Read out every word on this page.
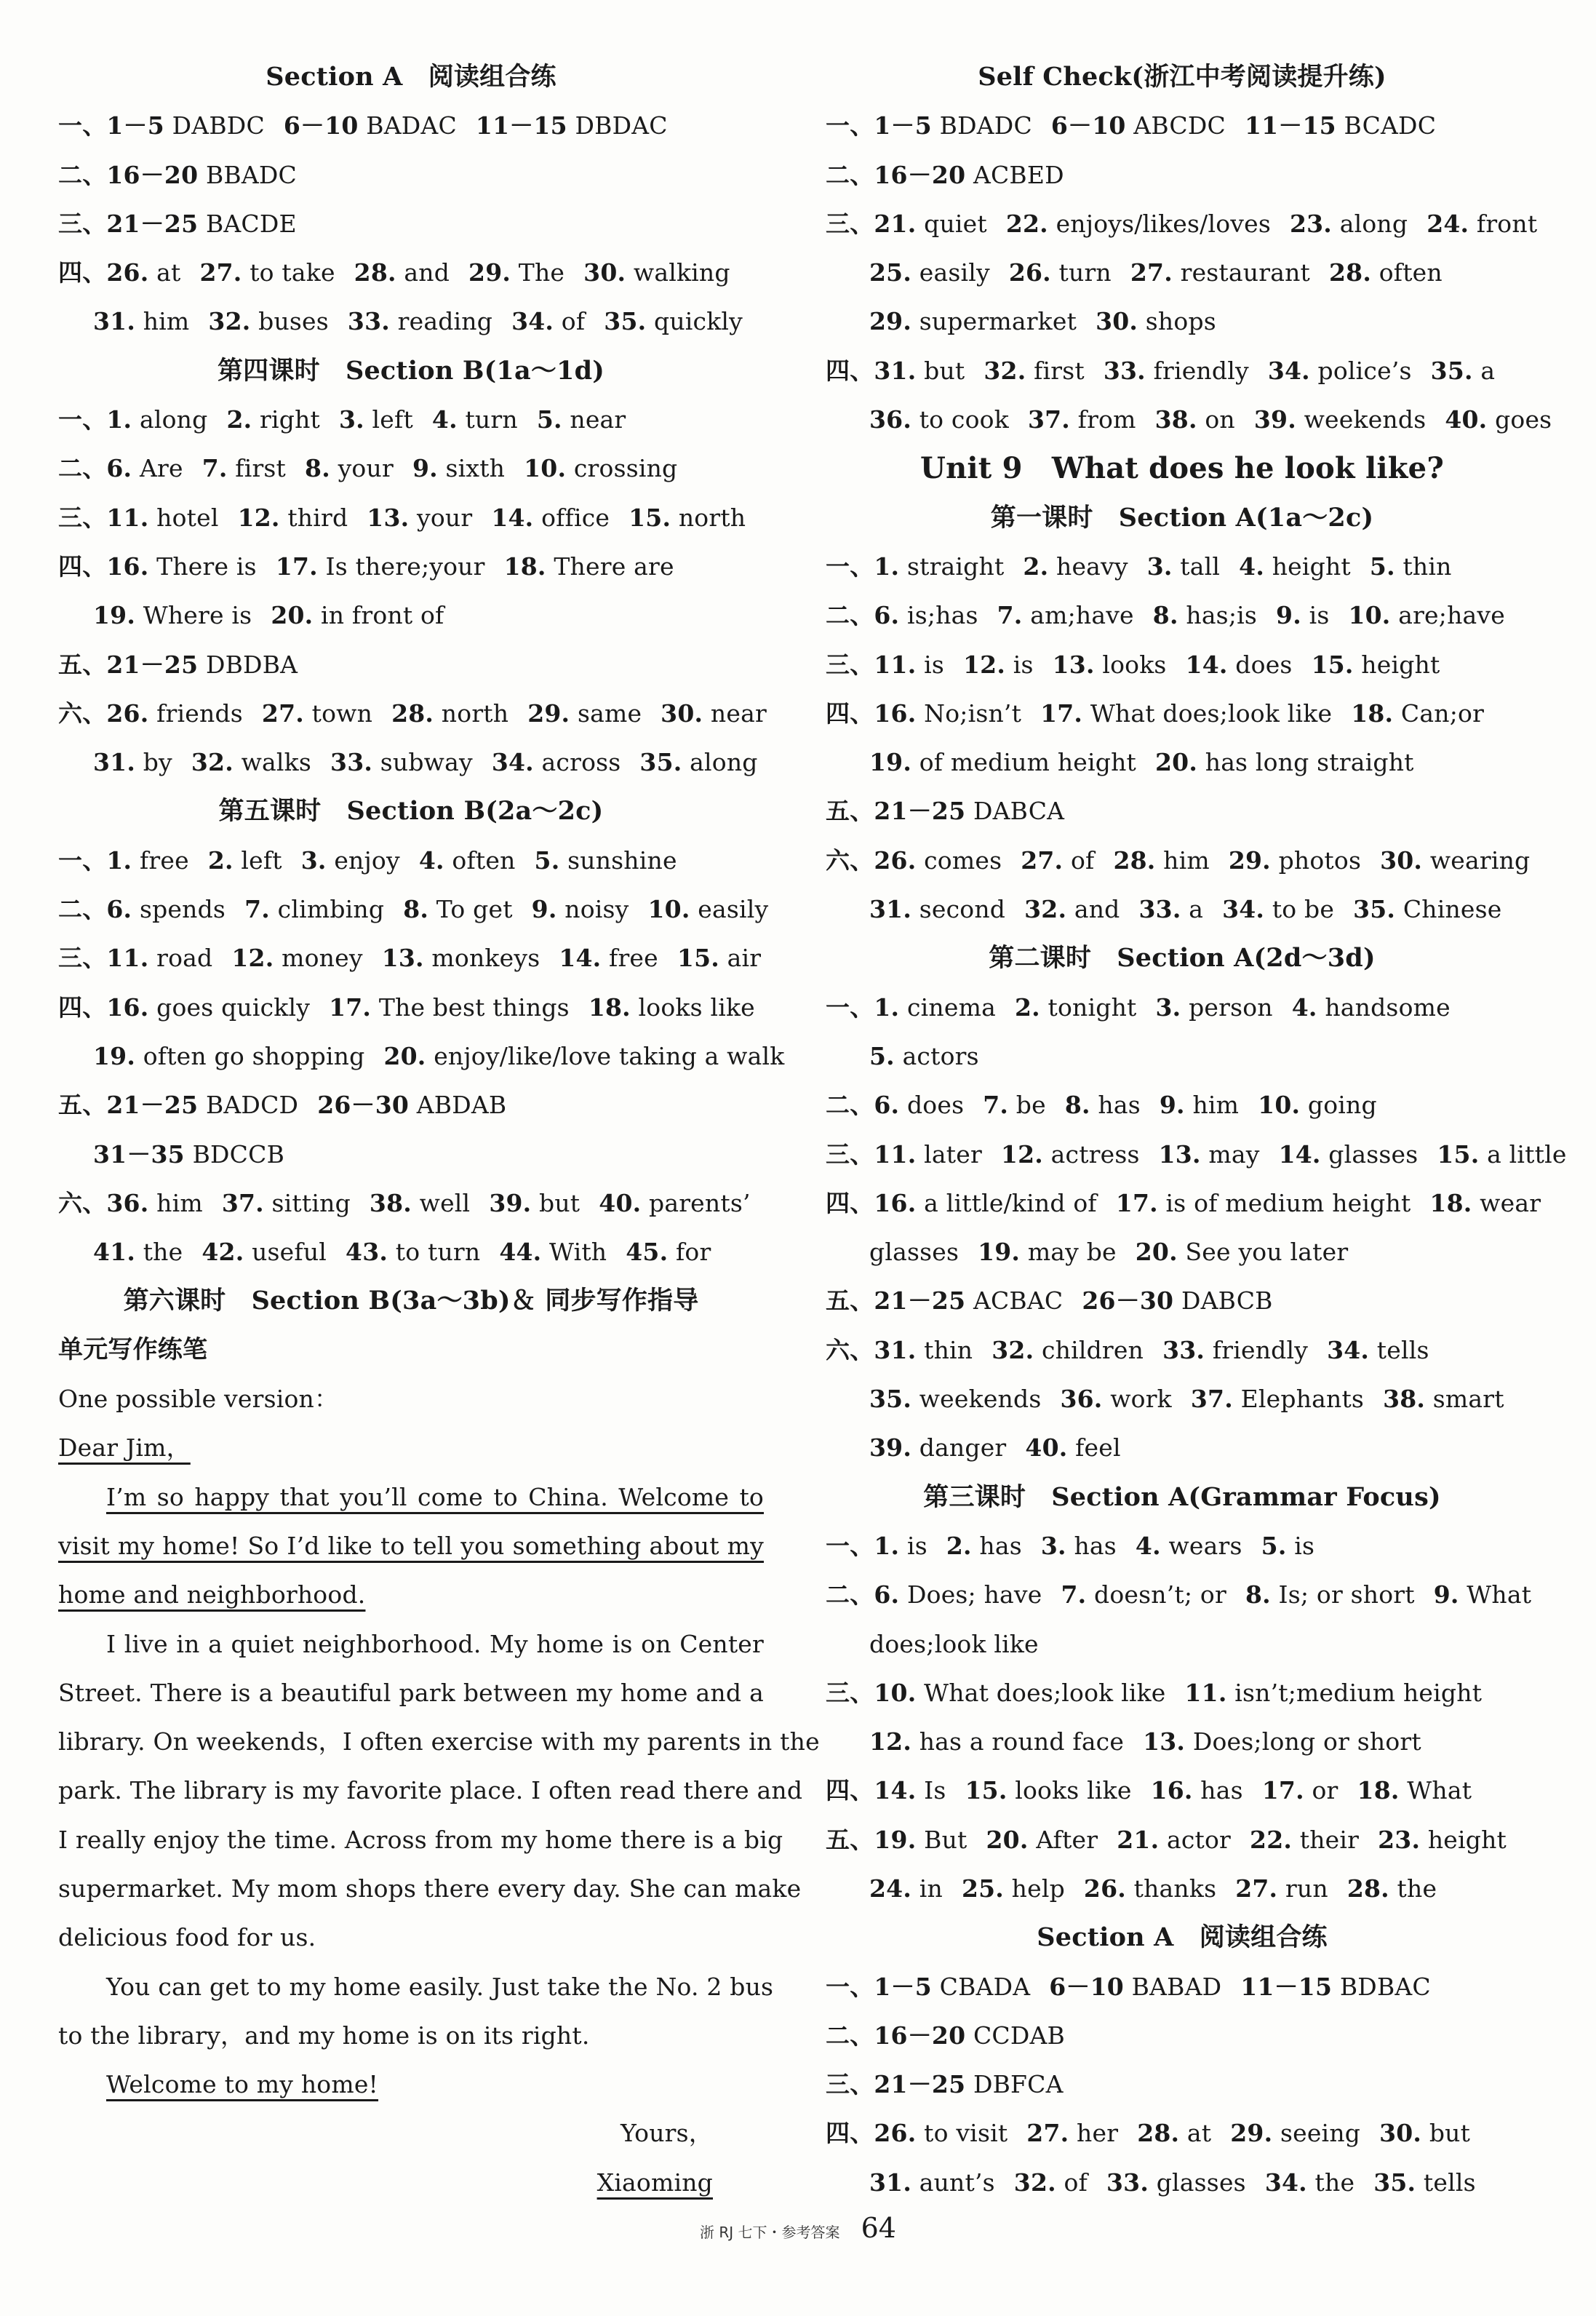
Section A　阅读组合练
一、1－5 DABDC 6－10 BADAC 11－15 DBDAC
二、16－20 BBADC
三、21－25 BACDE
四、26. at 27. to take 28. and 29. The 30. walking
31. him 32. buses 33. reading 34. of 35. quickly
第四课时　Section B(1a～1d)
一、1. along 2. right 3. left 4. turn 5. near
二、6. Are 7. first 8. your 9. sixth 10. crossing
三、11. hotel 12. third 13. your 14. office 15. north
四、16. There is 17. Is there;your 18. There are
19. Where is 20. in front of
五、21－25 DBDBA
六、26. friends 27. town 28. north 29. same 30. near
31. by 32. walks 33. subway 34. across 35. along
第五课时　Section B(2a～2c)
一、1. free 2. left 3. enjoy 4. often 5. sunshine
二、6. spends 7. climbing 8. To get 9. noisy 10. easily
三、11. road 12. money 13. monkeys 14. free 15. air
四、16. goes quickly 17. The best things 18. looks like
19. often go shopping 20. enjoy/like/love taking a walk
五、21－25 BADCD 26－30 ABDAB
31－35 BDCCB
六、36. him 37. sitting 38. well 39. but 40. parents’
41. the 42. useful 43. to turn 44. With 45. for
第六课时　Section B(3a～3b)＆ 同步写作指导
单元写作练笔
One possible version：
Dear Jim，
I’m so happy that you’ll come to China. Welcome to
visit my home! So I’d like to tell you something about my
home and neighborhood.
I live in a quiet neighborhood. My home is on Center
Street. There is a beautiful park between my home and a
library. On weekends，I often exercise with my parents in the
park. The library is my favorite place. I often read there and
I really enjoy the time. Across from my home there is a big
supermarket. My mom shops there every day. She can make
delicious food for us.
You can get to my home easily. Just take the No. 2 bus
to the library，and my home is on its right.
Welcome to my home!
Yours，
Xiaoming
Self Check(浙江中考阅读提升练)
一、1－5 BDADC 6－10 ABCDC 11－15 BCADC
二、16－20 ACBED
三、21. quiet 22. enjoys/likes/loves 23. along 24. front
25. easily 26. turn 27. restaurant 28. often
29. supermarket 30. shops
四、31. but 32. first 33. friendly 34. police’s 35. a
36. to cook 37. from 38. on 39. weekends 40. goes
Unit 9　What does he look like?
第一课时　Section A(1a～2c)
一、1. straight 2. heavy 3. tall 4. height 5. thin
二、6. is;has 7. am;have 8. has;is 9. is 10. are;have
三、11. is 12. is 13. looks 14. does 15. height
四、16. No;isn’t 17. What does;look like 18. Can;or
19. of medium height 20. has long straight
五、21－25 DABCA
六、26. comes 27. of 28. him 29. photos 30. wearing
31. second 32. and 33. a 34. to be 35. Chinese
第二课时　Section A(2d～3d)
一、1. cinema 2. tonight 3. person 4. handsome
5. actors
二、6. does 7. be 8. has 9. him 10. going
三、11. later 12. actress 13. may 14. glasses 15. a little
四、16. a little/kind of 17. is of medium height 18. wear
glasses 19. may be 20. See you later
五、21－25 ACBAC 26－30 DABCB
六、31. thin 32. children 33. friendly 34. tells
35. weekends 36. work 37. Elephants 38. smart
39. danger 40. feel
第三课时　Section A(Grammar Focus)
一、1. is 2. has 3. has 4. wears 5. is
二、6. Does; have 7. doesn’t; or 8. Is; or short 9. What
does;look like
三、10. What does;look like 11. isn’t;medium height
12. has a round face 13. Does;long or short
四、14. Is 15. looks like 16. has 17. or 18. What
五、19. But 20. After 21. actor 22. their 23. height
24. in 25. help 26. thanks 27. run 28. the
Section A　阅读组合练
一、1－5 CBADA 6－10 BABAD 11－15 BDBAC
二、16－20 CCDAB
三、21－25 DBFCA
四、26. to visit 27. her 28. at 29. seeing 30. but
31. aunt’s 32. of 33. glasses 34. the 35. tells
浙 RJ 七下・参考答案 64
